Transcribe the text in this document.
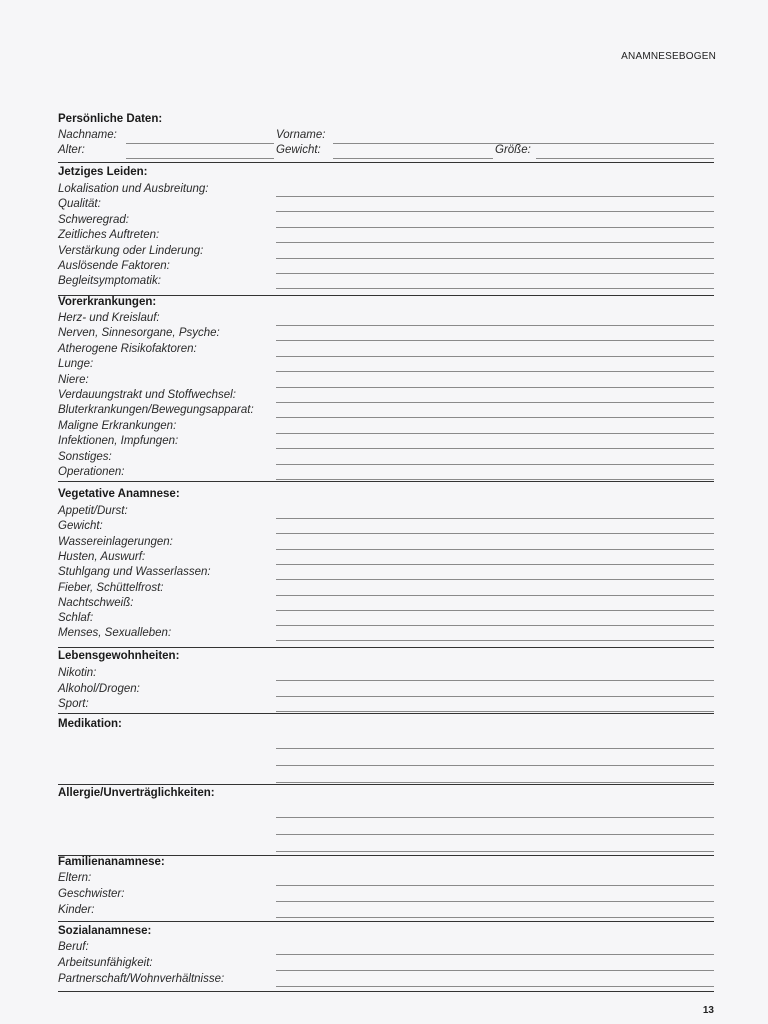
ANAMNESEBOGEN
Persönliche Daten:
Nachname:	Vorname:
Alter:	Gewicht:	Größe:
Jetziges Leiden:
Lokalisation und Ausbreitung:
Qualität:
Schweregrad:
Zeitliches Auftreten:
Verstärkung oder Linderung:
Auslösende Faktoren:
Begleitsymptomatik:
Vorerkrankungen:
Herz- und Kreislauf:
Nerven, Sinnesorgane, Psyche:
Atherogene Risikofaktoren:
Lunge:
Niere:
Verdauungstrakt und Stoffwechsel:
Bluterkrankungen/Bewegungsapparat:
Maligne Erkrankungen:
Infektionen, Impfungen:
Sonstiges:
Operationen:
Vegetative Anamnese:
Appetit/Durst:
Gewicht:
Wassereinlagerungen:
Husten, Auswurf:
Stuhlgang und Wasserlassen:
Fieber, Schüttelfrost:
Nachtschweiß:
Schlaf:
Menses, Sexualleben:
Lebensgewohnheiten:
Nikotin:
Alkohol/Drogen:
Sport:
Medikation:
Allergie/Unverträglichkeiten:
Familienanamnese:
Eltern:
Geschwister:
Kinder:
Sozialanamnese:
Beruf:
Arbeitsunfähigkeit:
Partnerschaft/Wohnverhältnisse:
13
